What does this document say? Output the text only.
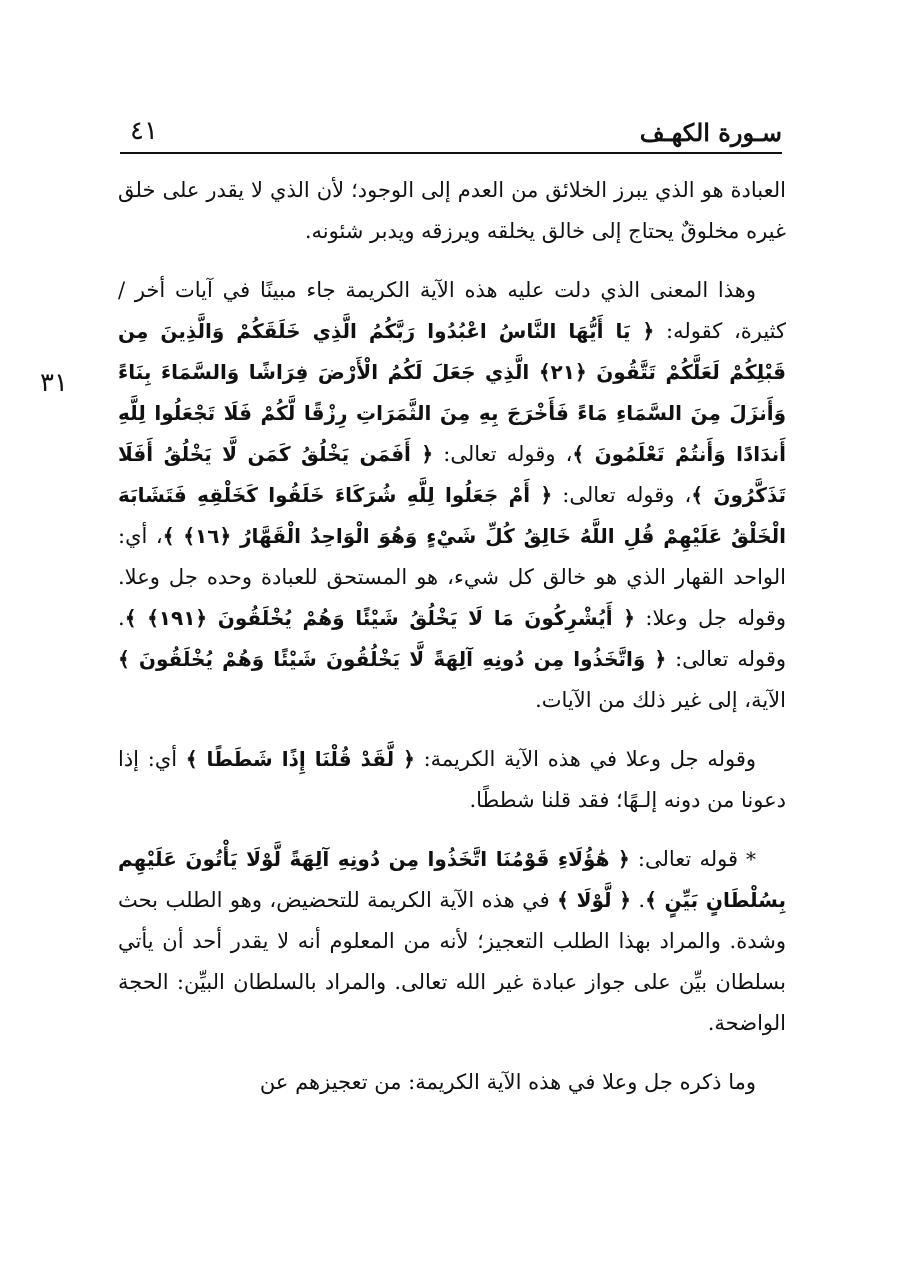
سـورة الكهـف
٤١
٣١

العبادة هو الذي يبرز الخلائق من العدم إلى الوجود؛ لأن الذي لا يقدر على خلق غيره مخلوقٌ يحتاج إلى خالق يخلقه ويرزقه ويدبر شئونه.

وهذا المعنى الذي دلت عليه هذه الآية الكريمة جاء مبينًا في آيات أخر / كثيرة، كقوله: ﴿ يَا أَيُّهَا النَّاسُ اعْبُدُوا رَبَّكُمُ الَّذِي خَلَقَكُمْ وَالَّذِينَ مِن قَبْلِكُمْ لَعَلَّكُمْ تَتَّقُونَ ﴿٢١﴾ الَّذِي جَعَلَ لَكُمُ الْأَرْضَ فِرَاشًا وَالسَّمَاءَ بِنَاءً وَأَنزَلَ مِنَ السَّمَاءِ مَاءً فَأَخْرَجَ بِهِ مِنَ الثَّمَرَاتِ رِزْقًا لَّكُمْ فَلَا تَجْعَلُوا لِلَّهِ أَندَادًا وَأَنتُمْ تَعْلَمُونَ ﴾، وقوله تعالى: ﴿ أَفَمَن يَخْلُقُ كَمَن لَّا يَخْلُقُ أَفَلَا تَذَكَّرُونَ ﴾، وقوله تعالى: ﴿ أَمْ جَعَلُوا لِلَّهِ شُرَكَاءَ خَلَقُوا كَخَلْقِهِ فَتَشَابَهَ الْخَلْقُ عَلَيْهِمْ قُلِ اللَّهُ خَالِقُ كُلِّ شَيْءٍ وَهُوَ الْوَاحِدُ الْقَهَّارُ ﴿١٦﴾ ﴾، أي: الواحد القهار الذي هو خالق كل شيء، هو المستحق للعبادة وحده جل وعلا. وقوله جل وعلا: ﴿ أَيُشْرِكُونَ مَا لَا يَخْلُقُ شَيْئًا وَهُمْ يُخْلَقُونَ ﴿١٩١﴾ ﴾. وقوله تعالى: ﴿ وَاتَّخَذُوا مِن دُونِهِ آلِهَةً لَّا يَخْلُقُونَ شَيْئًا وَهُمْ يُخْلَقُونَ ﴾ الآية، إلى غير ذلك من الآيات.

وقوله جل وعلا في هذه الآية الكريمة: ﴿ لَّقَدْ قُلْنَا إِذًا شَطَطًا ﴾ أي: إذا دعونا من دونه إلـهًا؛ فقد قلنا شططًا.

* قوله تعالى: ﴿ هَٰؤُلَاءِ قَوْمُنَا اتَّخَذُوا مِن دُونِهِ آلِهَةً لَّوْلَا يَأْتُونَ عَلَيْهِم بِسُلْطَانٍ بَيِّنٍ ﴾. ﴿ لَّوْلَا ﴾ في هذه الآية الكريمة للتحضيض، وهو الطلب بحث وشدة. والمراد بهذا الطلب التعجيز؛ لأنه من المعلوم أنه لا يقدر أحد أن يأتي بسلطان بيِّن على جواز عبادة غير الله تعالى. والمراد بالسلطان البيِّن: الحجة الواضحة.

وما ذكره جل وعلا في هذه الآية الكريمة: من تعجيزهم عن
